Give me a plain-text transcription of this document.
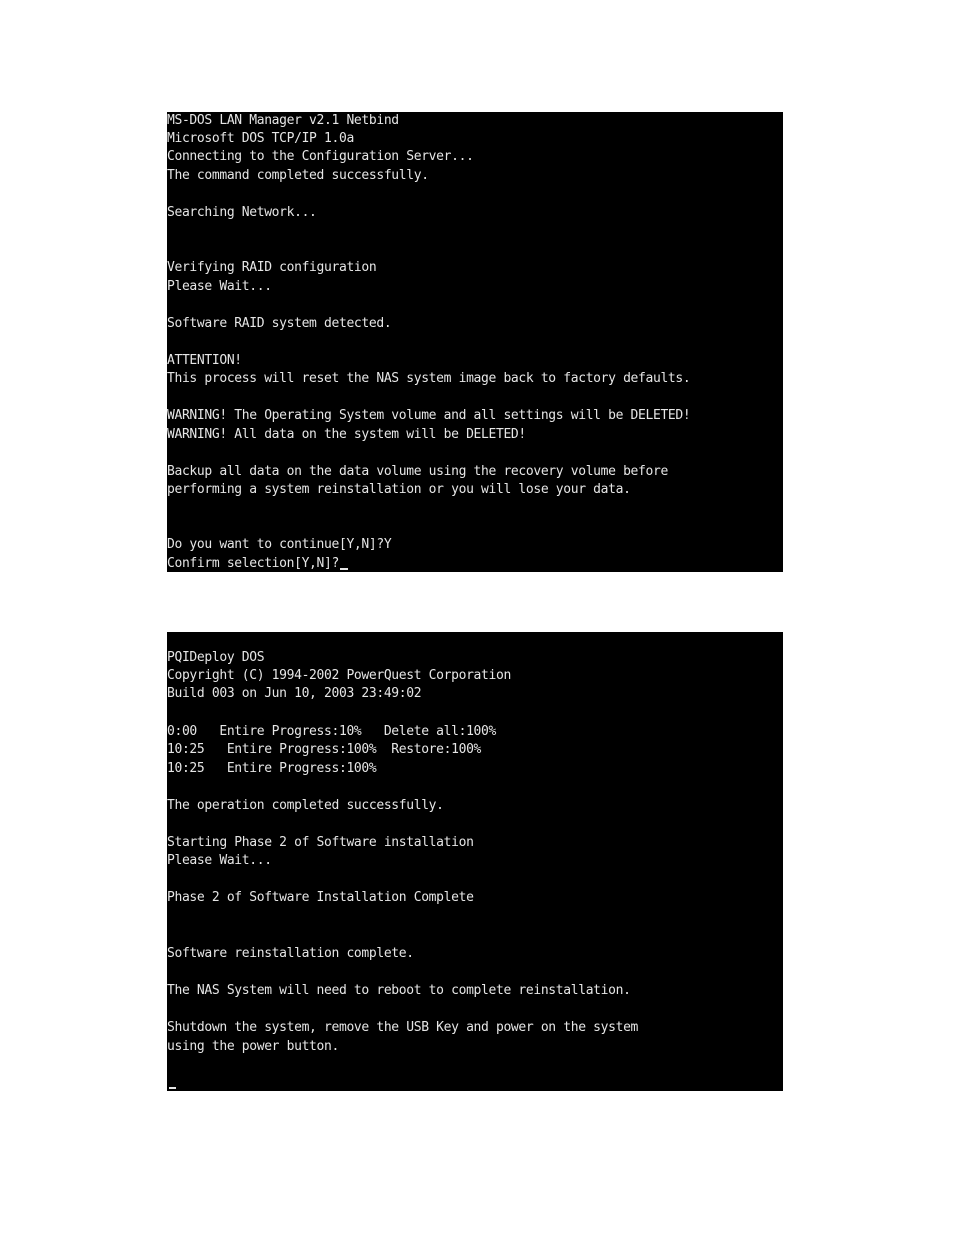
MS-DOS LAN Manager v2.1 Netbind
Microsoft DOS TCP/IP 1.0a
Connecting to the Configuration Server...
The command completed successfully.
Searching Network...
Verifying RAID configuration
Please Wait...
Software RAID system detected.
ATTENTION!
This process will reset the NAS system image back to factory defaults.
WARNING! The Operating System volume and all settings will be DELETED!
WARNING! All data on the system will be DELETED!
Backup all data on the data volume using the recovery volume before
performing a system reinstallation or you will lose your data.
Do you want to continue[Y,N]?Y
Confirm selection[Y,N]?
PQIDeploy DOS
Copyright (C) 1994-2002 PowerQuest Corporation
Build 003 on Jun 10, 2003 23:49:02
0:00   Entire Progress:10%   Delete all:100%
10:25   Entire Progress:100%  Restore:100%
10:25   Entire Progress:100%
The operation completed successfully.
Starting Phase 2 of Software installation
Please Wait...
Phase 2 of Software Installation Complete
Software reinstallation complete.
The NAS System will need to reboot to complete reinstallation.
Shutdown the system, remove the USB Key and power on the system
using the power button.
